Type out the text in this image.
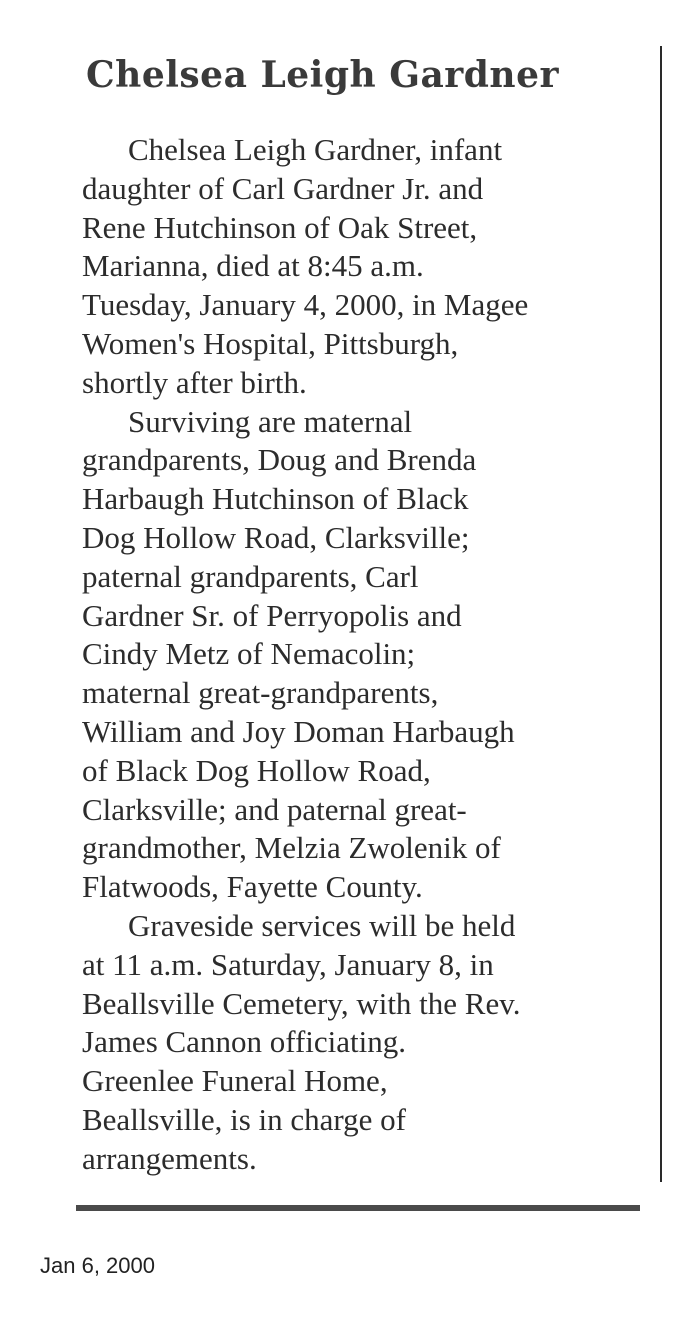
Chelsea Leigh Gardner

Chelsea Leigh Gardner, infant
daughter of Carl Gardner Jr. and
Rene Hutchinson of Oak Street,
Marianna, died at 8:45 a.m.
Tuesday, January 4, 2000, in Magee
Women's Hospital, Pittsburgh,
shortly after birth.

Surviving are maternal
grandparents, Doug and Brenda
Harbaugh Hutchinson of Black
Dog Hollow Road, Clarksville;
paternal grandparents, Carl
Gardner Sr. of Perryopolis and
Cindy Metz of Nemacolin;
maternal great-grandparents,
William and Joy Doman Harbaugh
of Black Dog Hollow Road,
Clarksville; and paternal great-
grandmother, Melzia Zwolenik of
Flatwoods, Fayette County.

Graveside services will be held
at 11 a.m. Saturday, January 8, in
Beallsville Cemetery, with the Rev.
James Cannon officiating.
Greenlee Funeral Home,
Beallsville, is in charge of
arrangements.

Jan 6, 2000
